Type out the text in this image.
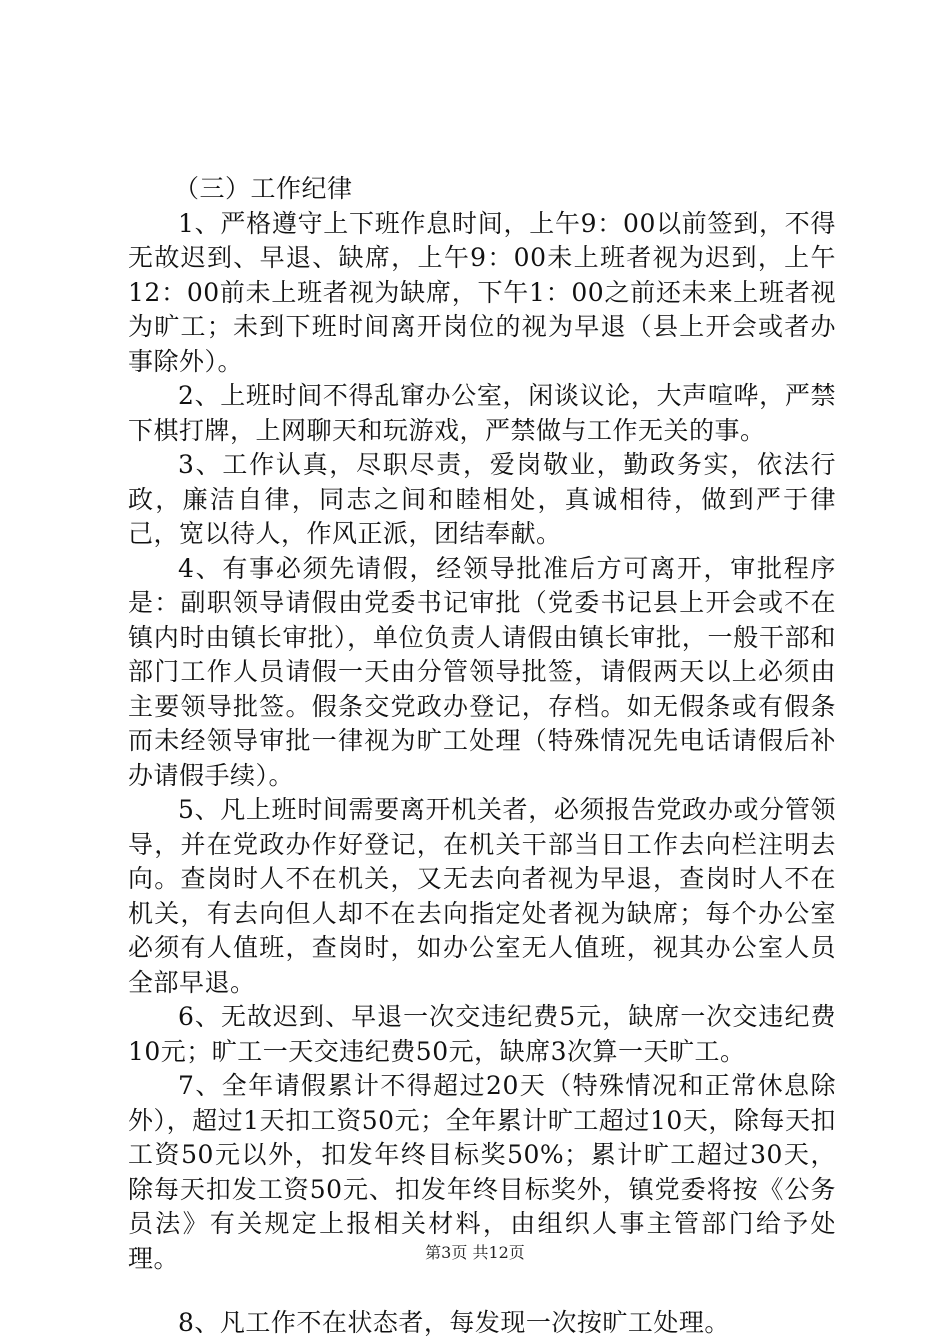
（三）工作纪律

1、严格遵守上下班作息时间，上午9：00以前签到，不得无故迟到、早退、缺席，上午9：00未上班者视为迟到，上午12：00前未上班者视为缺席，下午1：00之前还未来上班者视为旷工；未到下班时间离开岗位的视为早退（县上开会或者办事除外）。

2、上班时间不得乱窜办公室，闲谈议论，大声喧哗，严禁下棋打牌，上网聊天和玩游戏，严禁做与工作无关的事。

3、工作认真，尽职尽责，爱岗敬业，勤政务实，依法行政，廉洁自律，同志之间和睦相处，真诚相待，做到严于律己，宽以待人，作风正派，团结奉献。

4、有事必须先请假，经领导批准后方可离开，审批程序是：副职领导请假由党委书记审批（党委书记县上开会或不在镇内时由镇长审批），单位负责人请假由镇长审批，一般干部和部门工作人员请假一天由分管领导批签，请假两天以上必须由主要领导批签。假条交党政办登记，存档。如无假条或有假条而未经领导审批一律视为旷工处理（特殊情况先电话请假后补办请假手续）。

5、凡上班时间需要离开机关者，必须报告党政办或分管领导，并在党政办作好登记，在机关干部当日工作去向栏注明去向。查岗时人不在机关，又无去向者视为早退，查岗时人不在机关，有去向但人却不在去向指定处者视为缺席；每个办公室必须有人值班，查岗时，如办公室无人值班，视其办公室人员全部早退。

6、无故迟到、早退一次交违纪费5元，缺席一次交违纪费10元；旷工一天交违纪费50元，缺席3次算一天旷工。

7、全年请假累计不得超过20天（特殊情况和正常休息除外），超过1天扣工资50元；全年累计旷工超过10天，除每天扣工资50元以外，扣发年终目标奖50%；累计旷工超过30天，除每天扣发工资50元、扣发年终目标奖外，镇党委将按《公务员法》有关规定上报相关材料，由组织人事主管部门给予处理。

8、凡工作不在状态者，每发现一次按旷工处理。

第3页 共12页
